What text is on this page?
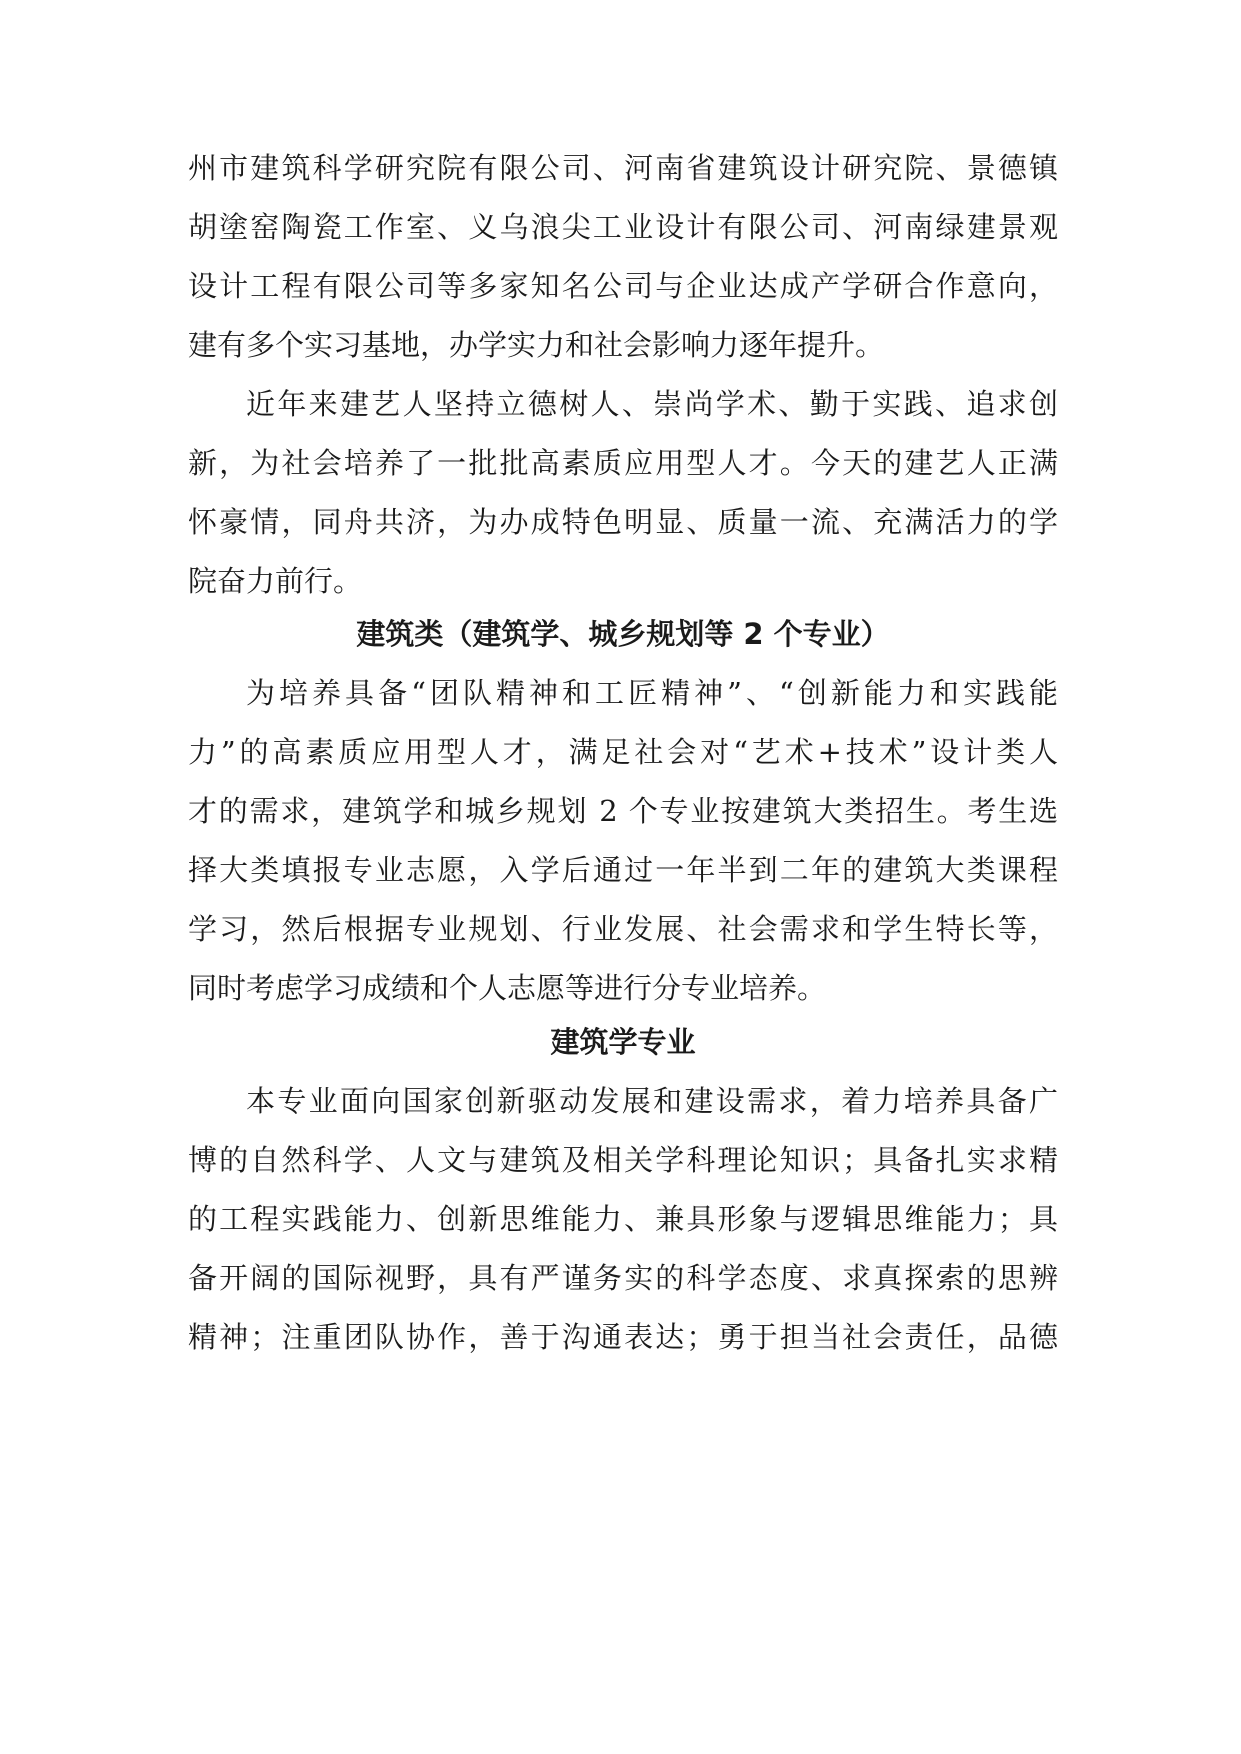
州市建筑科学研究院有限公司、河南省建筑设计研究院、景德镇

胡塗窑陶瓷工作室、义乌浪尖工业设计有限公司、河南绿建景观

设计工程有限公司等多家知名公司与企业达成产学研合作意向，

建有多个实习基地，办学实力和社会影响力逐年提升。

近年来建艺人坚持立德树人、崇尚学术、勤于实践、追求创

新，为社会培养了一批批高素质应用型人才。今天的建艺人正满

怀豪情，同舟共济，为办成特色明显、质量一流、充满活力的学

院奋力前行。

建筑类（建筑学、城乡规划等 2 个专业）

为培养具备“团队精神和工匠精神”、“创新能力和实践能

力”的高素质应用型人才，满足社会对“艺术+技术”设计类人

才的需求，建筑学和城乡规划 2 个专业按建筑大类招生。考生选

择大类填报专业志愿，入学后通过一年半到二年的建筑大类课程

学习，然后根据专业规划、行业发展、社会需求和学生特长等，

同时考虑学习成绩和个人志愿等进行分专业培养。

建筑学专业

本专业面向国家创新驱动发展和建设需求，着力培养具备广

博的自然科学、人文与建筑及相关学科理论知识；具备扎实求精

的工程实践能力、创新思维能力、兼具形象与逻辑思维能力；具

备开阔的国际视野，具有严谨务实的科学态度、求真探索的思辨

精神；注重团队协作，善于沟通表达；勇于担当社会责任，品德
